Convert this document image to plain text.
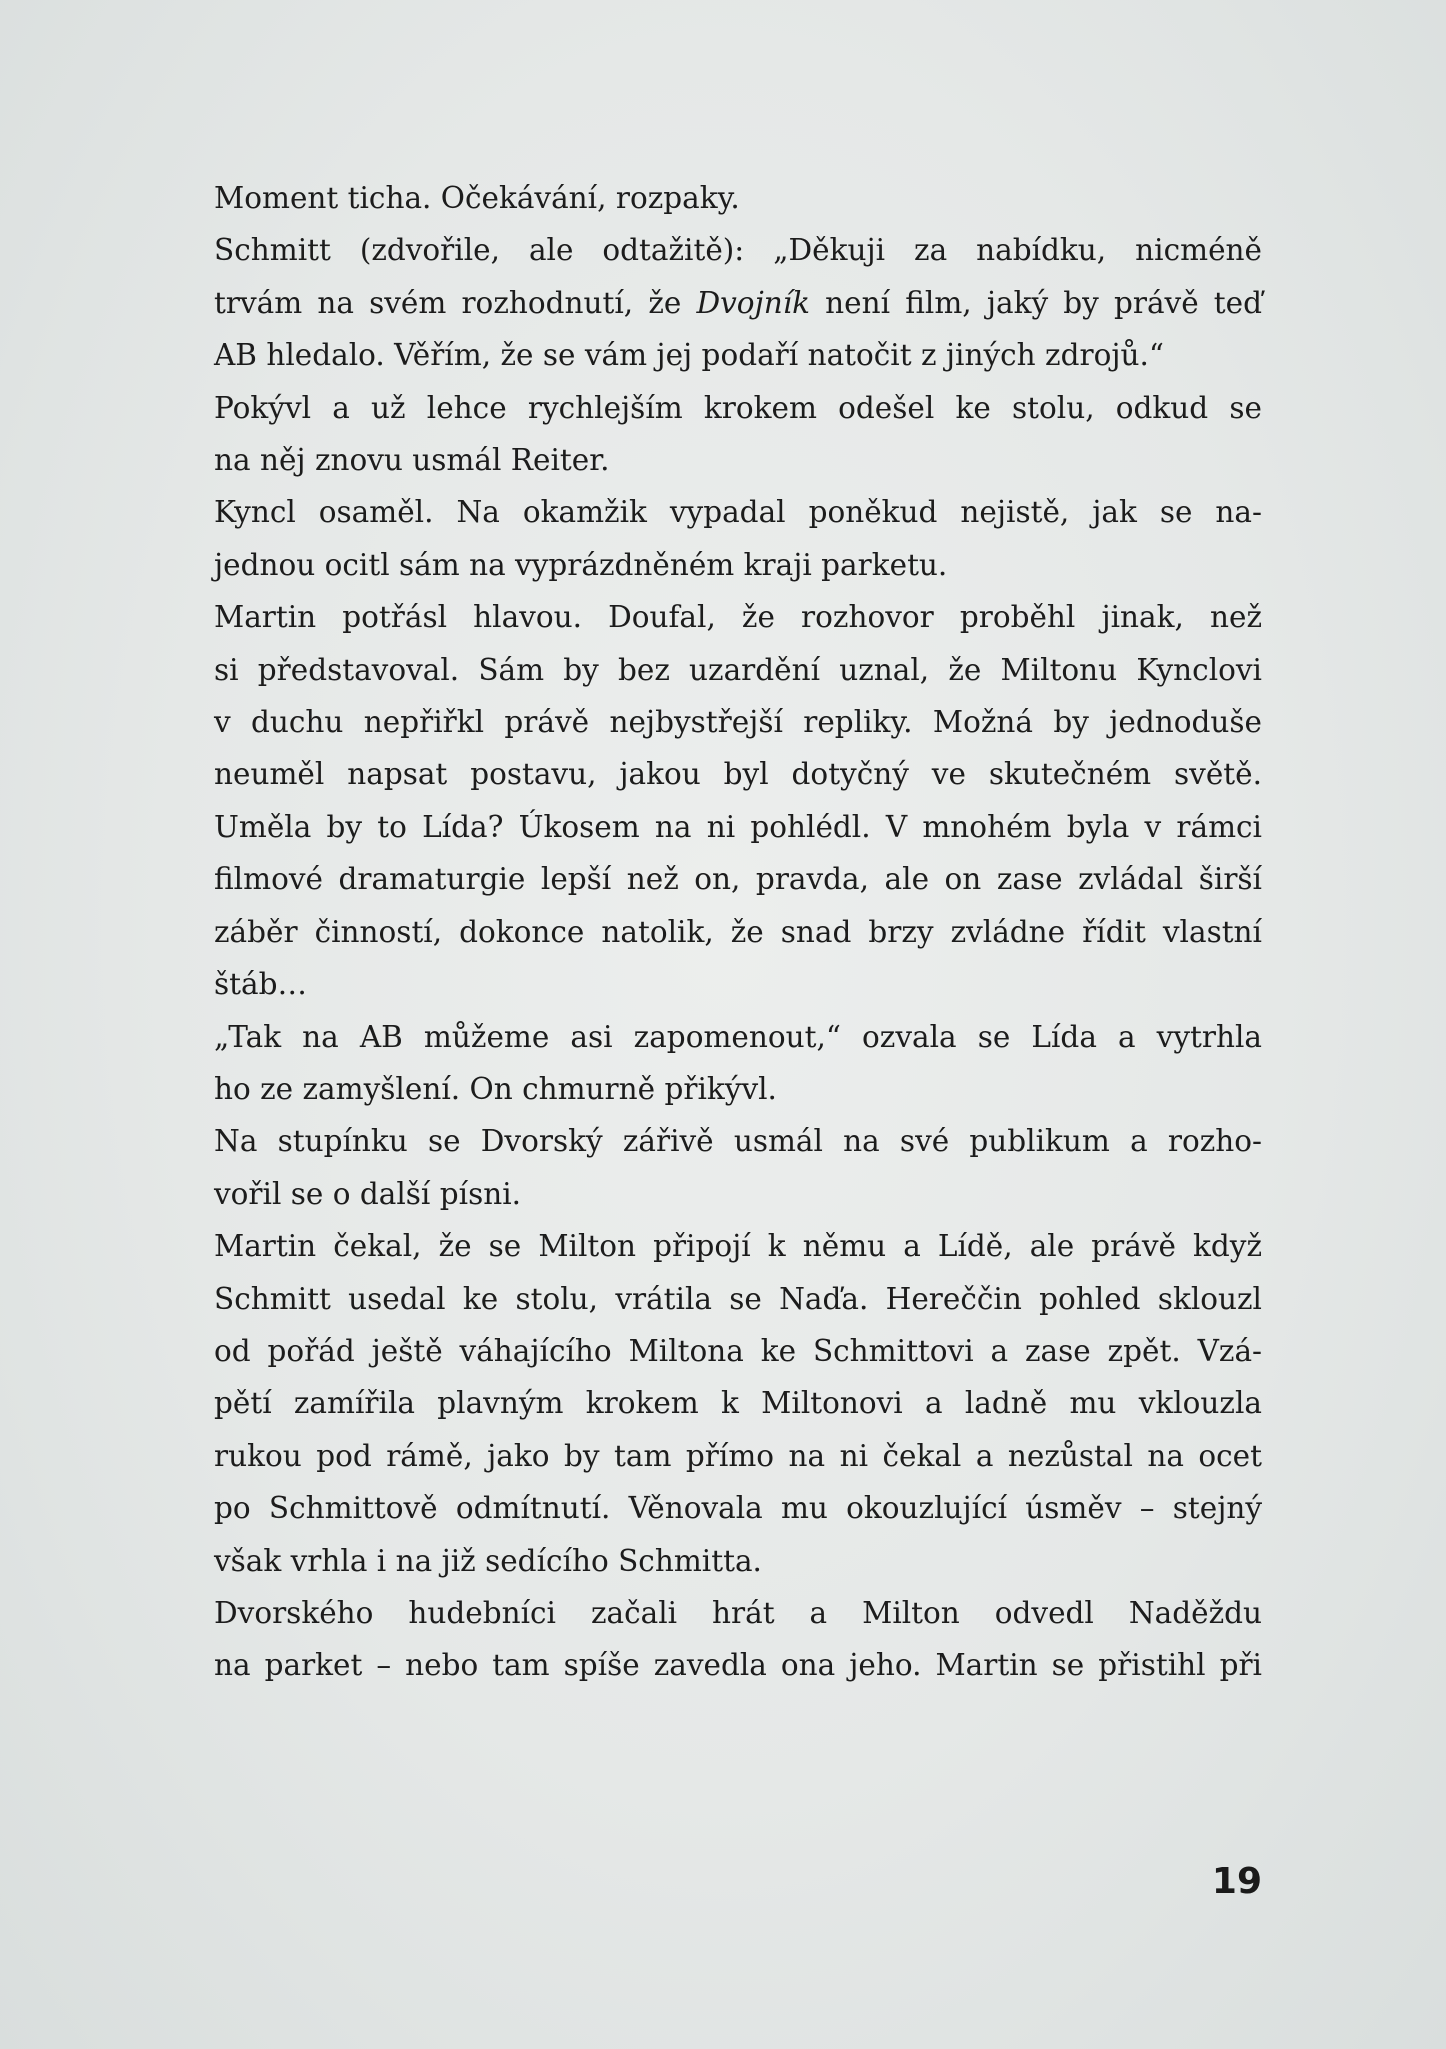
Moment ticha. Očekávání, rozpaky.

Schmitt (zdvořile, ale odtažitě): „Děkuji za nabídku, nicméně
trvám na svém rozhodnutí, že Dvojník není film, jaký by právě teď
AB hledalo. Věřím, že se vám jej podaří natočit z jiných zdrojů.“

Pokývl a už lehce rychlejším krokem odešel ke stolu, odkud se
na něj znovu usmál Reiter.

Kyncl osaměl. Na okamžik vypadal poněkud nejistě, jak se na-
jednou ocitl sám na vyprázdněném kraji parketu.

Martin potřásl hlavou. Doufal, že rozhovor proběhl jinak, než
si představoval. Sám by bez uzardění uznal, že Miltonu Kynclovi
v duchu nepřiřkl právě nejbystřejší repliky. Možná by jednoduše
neuměl napsat postavu, jakou byl dotyčný ve skutečném světě.
Uměla by to Lída? Úkosem na ni pohlédl. V mnohém byla v rámci
filmové dramaturgie lepší než on, pravda, ale on zase zvládal širší
záběr činností, dokonce natolik, že snad brzy zvládne řídit vlastní
štáb…

„Tak na AB můžeme asi zapomenout,“ ozvala se Lída a vytrhla
ho ze zamyšlení. On chmurně přikývl.

Na stupínku se Dvorský zářivě usmál na své publikum a rozho-
vořil se o další písni.

Martin čekal, že se Milton připojí k němu a Lídě, ale právě když
Schmitt usedal ke stolu, vrátila se Naďa. Hereččin pohled sklouzl
od pořád ještě váhajícího Miltona ke Schmittovi a zase zpět. Vzá-
pětí zamířila plavným krokem k Miltonovi a ladně mu vklouzla
rukou pod rámě, jako by tam přímo na ni čekal a nezůstal na ocet
po Schmittově odmítnutí. Věnovala mu okouzlující úsměv – stejný
však vrhla i na již sedícího Schmitta.

Dvorského hudebníci začali hrát a Milton odvedl Naděždu
na parket – nebo tam spíše zavedla ona jeho. Martin se přistihl při

19
